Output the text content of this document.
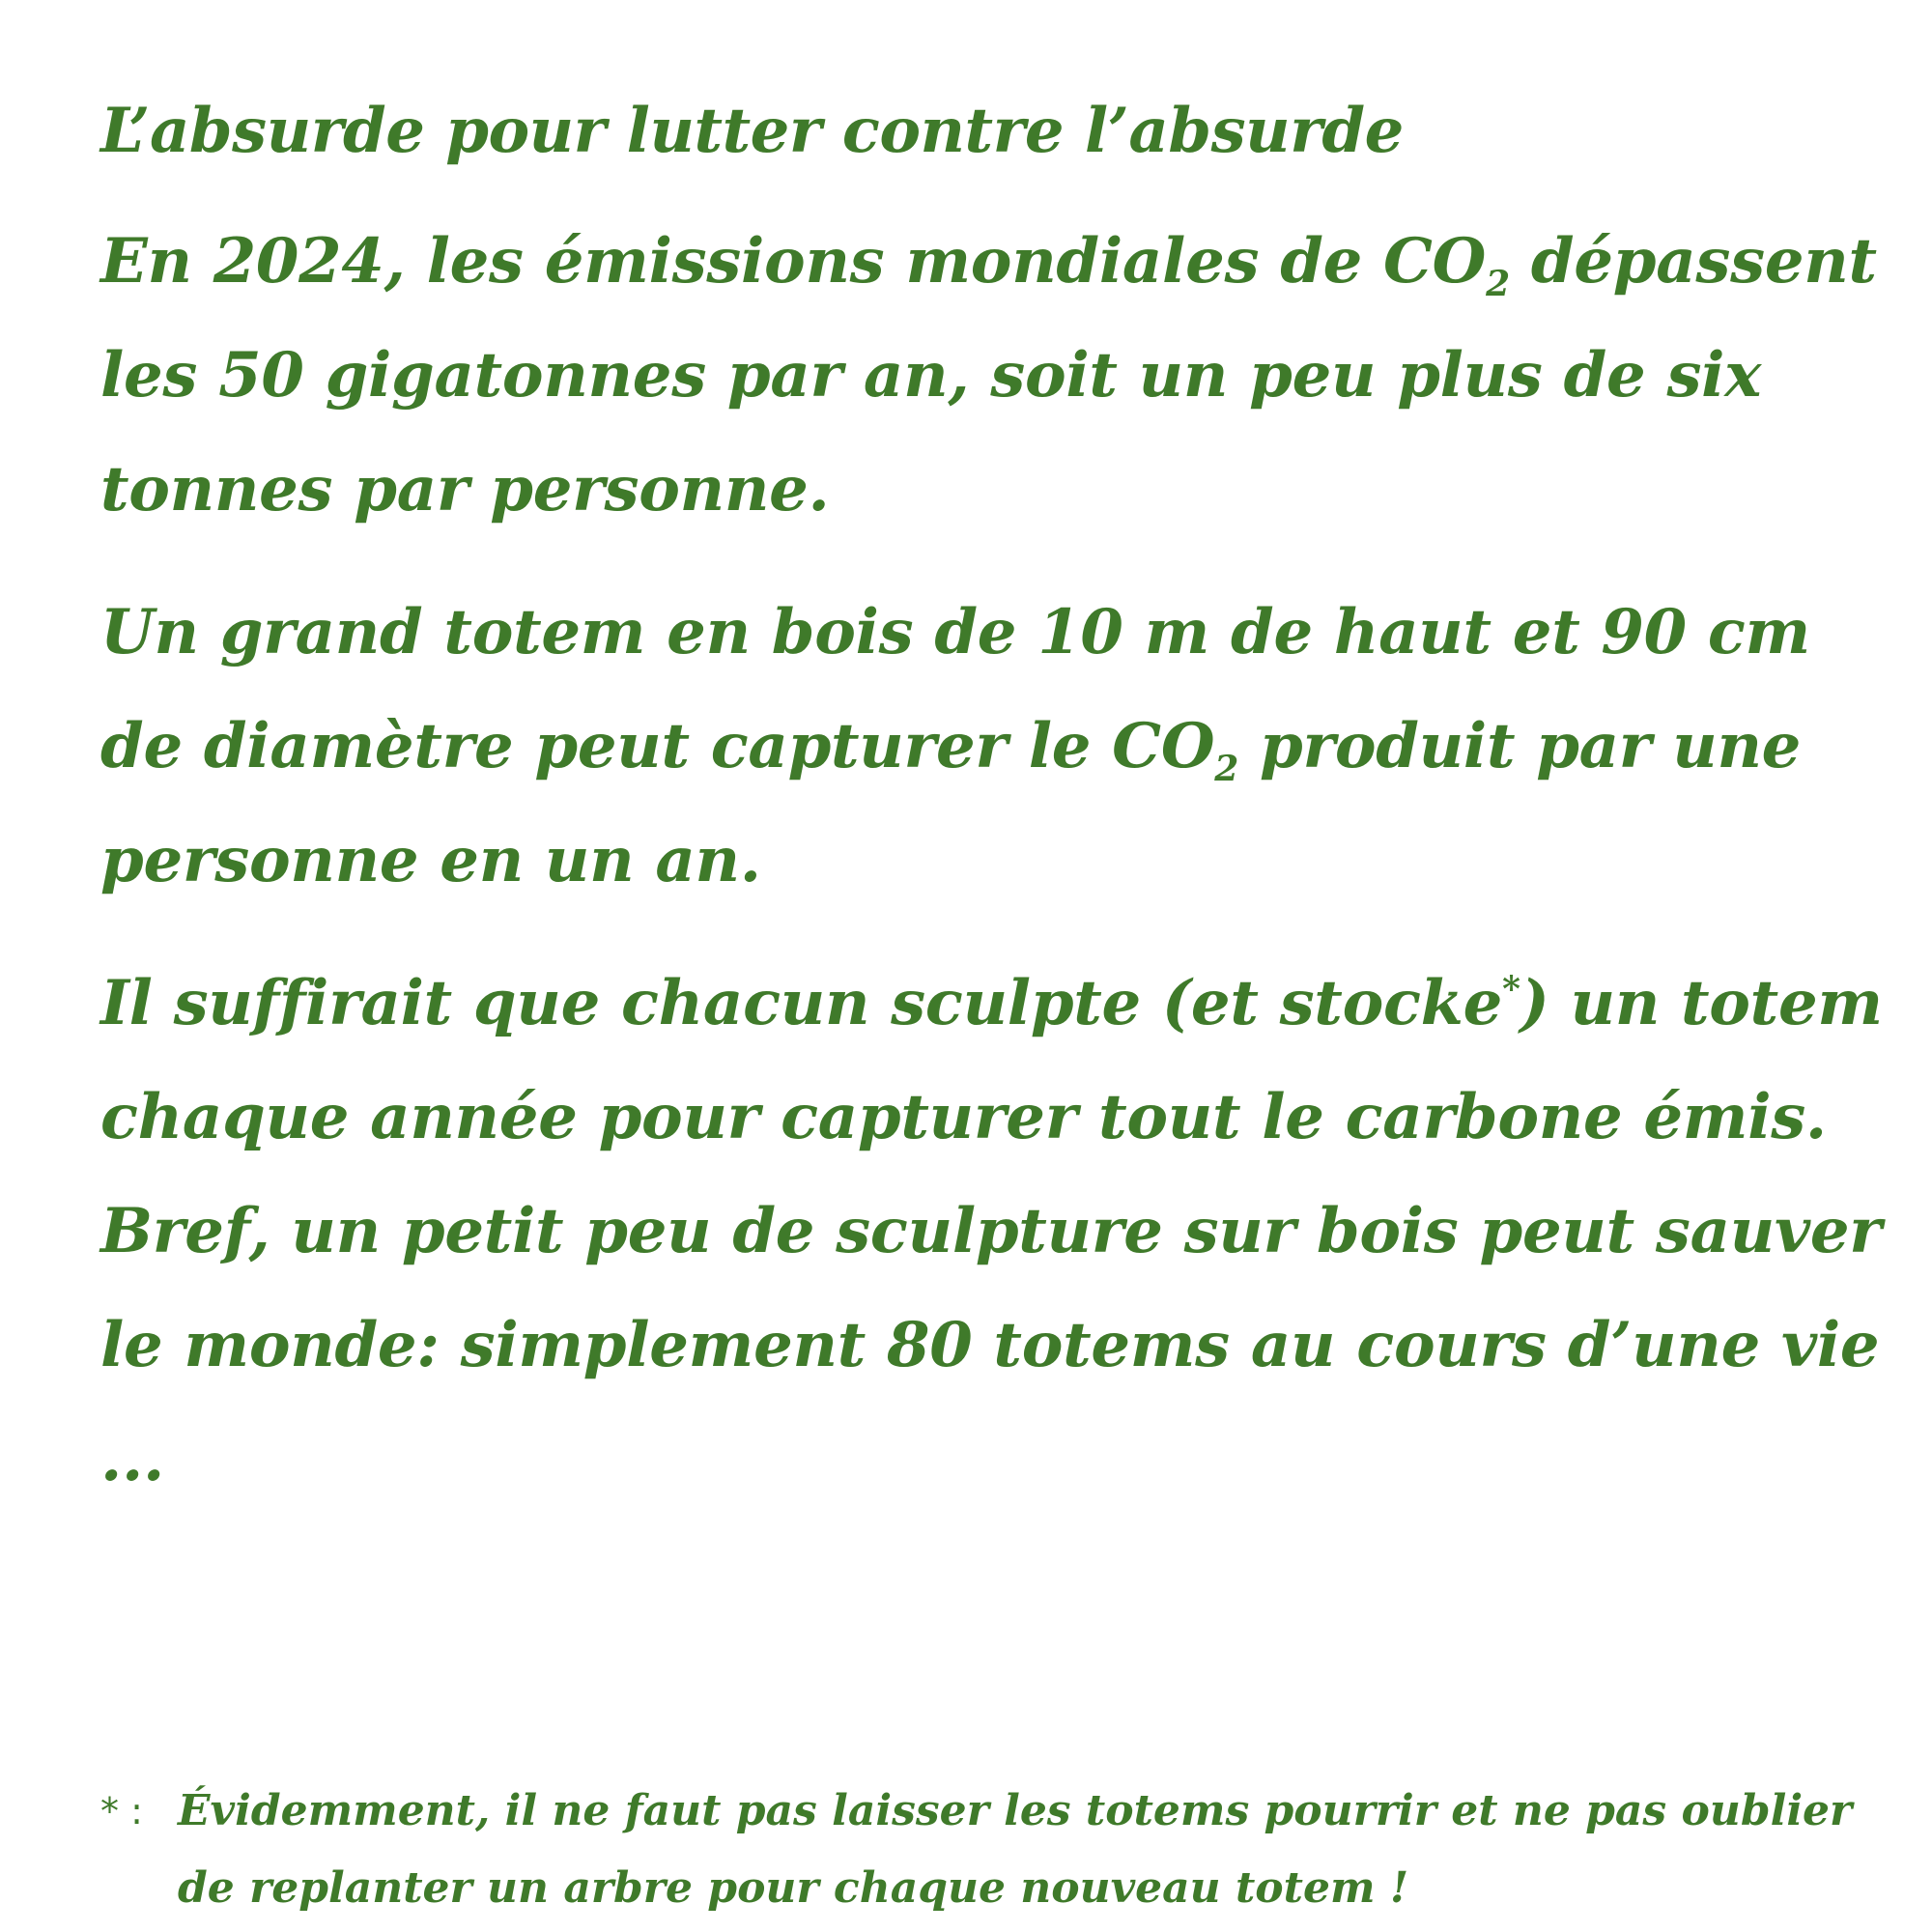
L’absurde pour lutter contre l’absurde

En 2024, les émissions mondiales de $CO_2$ dépassent les 50 gigatonnes par an, soit un peu plus de six tonnes par personne.

Un grand totem en bois de 10 m de haut et 90 cm de diamètre peut capturer le $CO_2$ produit par une personne en un an.

Il suffirait que chacun sculpte (et stocke*) un totem chaque année pour capturer tout le carbone émis. Bref, un petit peu de sculpture sur bois peut sauver le monde: simplement 80 totems au cours d’une vie ...

* : Évidemment, il ne faut pas laisser les totems pourrir et ne pas oublier de replanter un arbre pour chaque nouveau totem !
